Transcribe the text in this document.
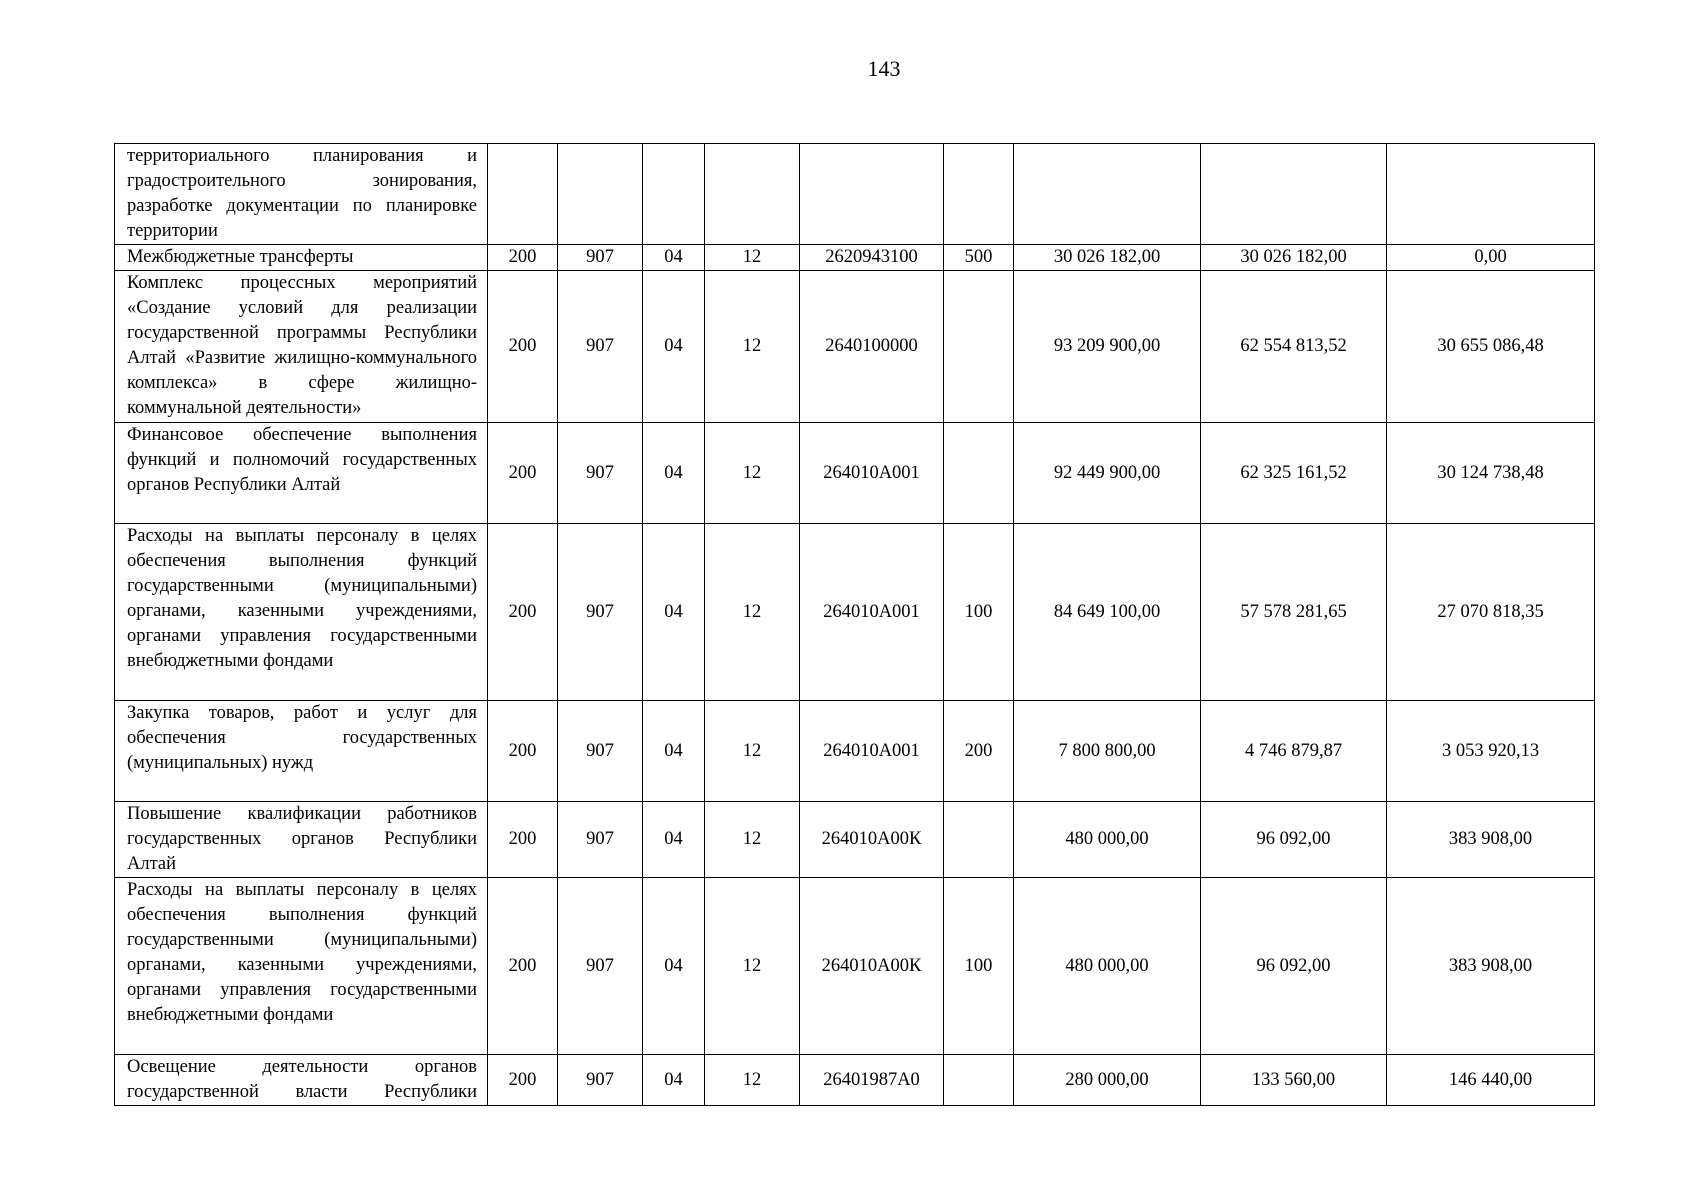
143
территориального планирования и градостроительного зонирования, разработке документации по планировке территории									
Межбюджетные трансферты	200	907	04	12	2620943100	500	30 026 182,00	30 026 182,00	0,00
Комплекс процессных мероприятий «Создание условий для реализации государственной программы Республики Алтай «Развитие жилищно-коммунального комплекса» в сфере жилищно-коммунальной деятельности»	200	907	04	12	2640100000		93 209 900,00	62 554 813,52	30 655 086,48
Финансовое обеспечение выполнения функций и полномочий государственных органов Республики Алтай	200	907	04	12	264010А001		92 449 900,00	62 325 161,52	30 124 738,48
Расходы на выплаты персоналу в целях обеспечения выполнения функций государственными (муниципальными) органами, казенными учреждениями, органами управления государственными внебюджетными фондами	200	907	04	12	264010А001	100	84 649 100,00	57 578 281,65	27 070 818,35
Закупка товаров, работ и услуг для обеспечения государственных (муниципальных) нужд	200	907	04	12	264010А001	200	7 800 800,00	4 746 879,87	3 053 920,13
Повышение квалификации работников государственных органов Республики Алтай	200	907	04	12	264010А00К		480 000,00	96 092,00	383 908,00
Расходы на выплаты персоналу в целях обеспечения выполнения функций государственными (муниципальными) органами, казенными учреждениями, органами управления государственными внебюджетными фондами	200	907	04	12	264010А00К	100	480 000,00	96 092,00	383 908,00
Освещение деятельности органов государственной власти Республики	200	907	04	12	26401987А0		280 000,00	133 560,00	146 440,00
